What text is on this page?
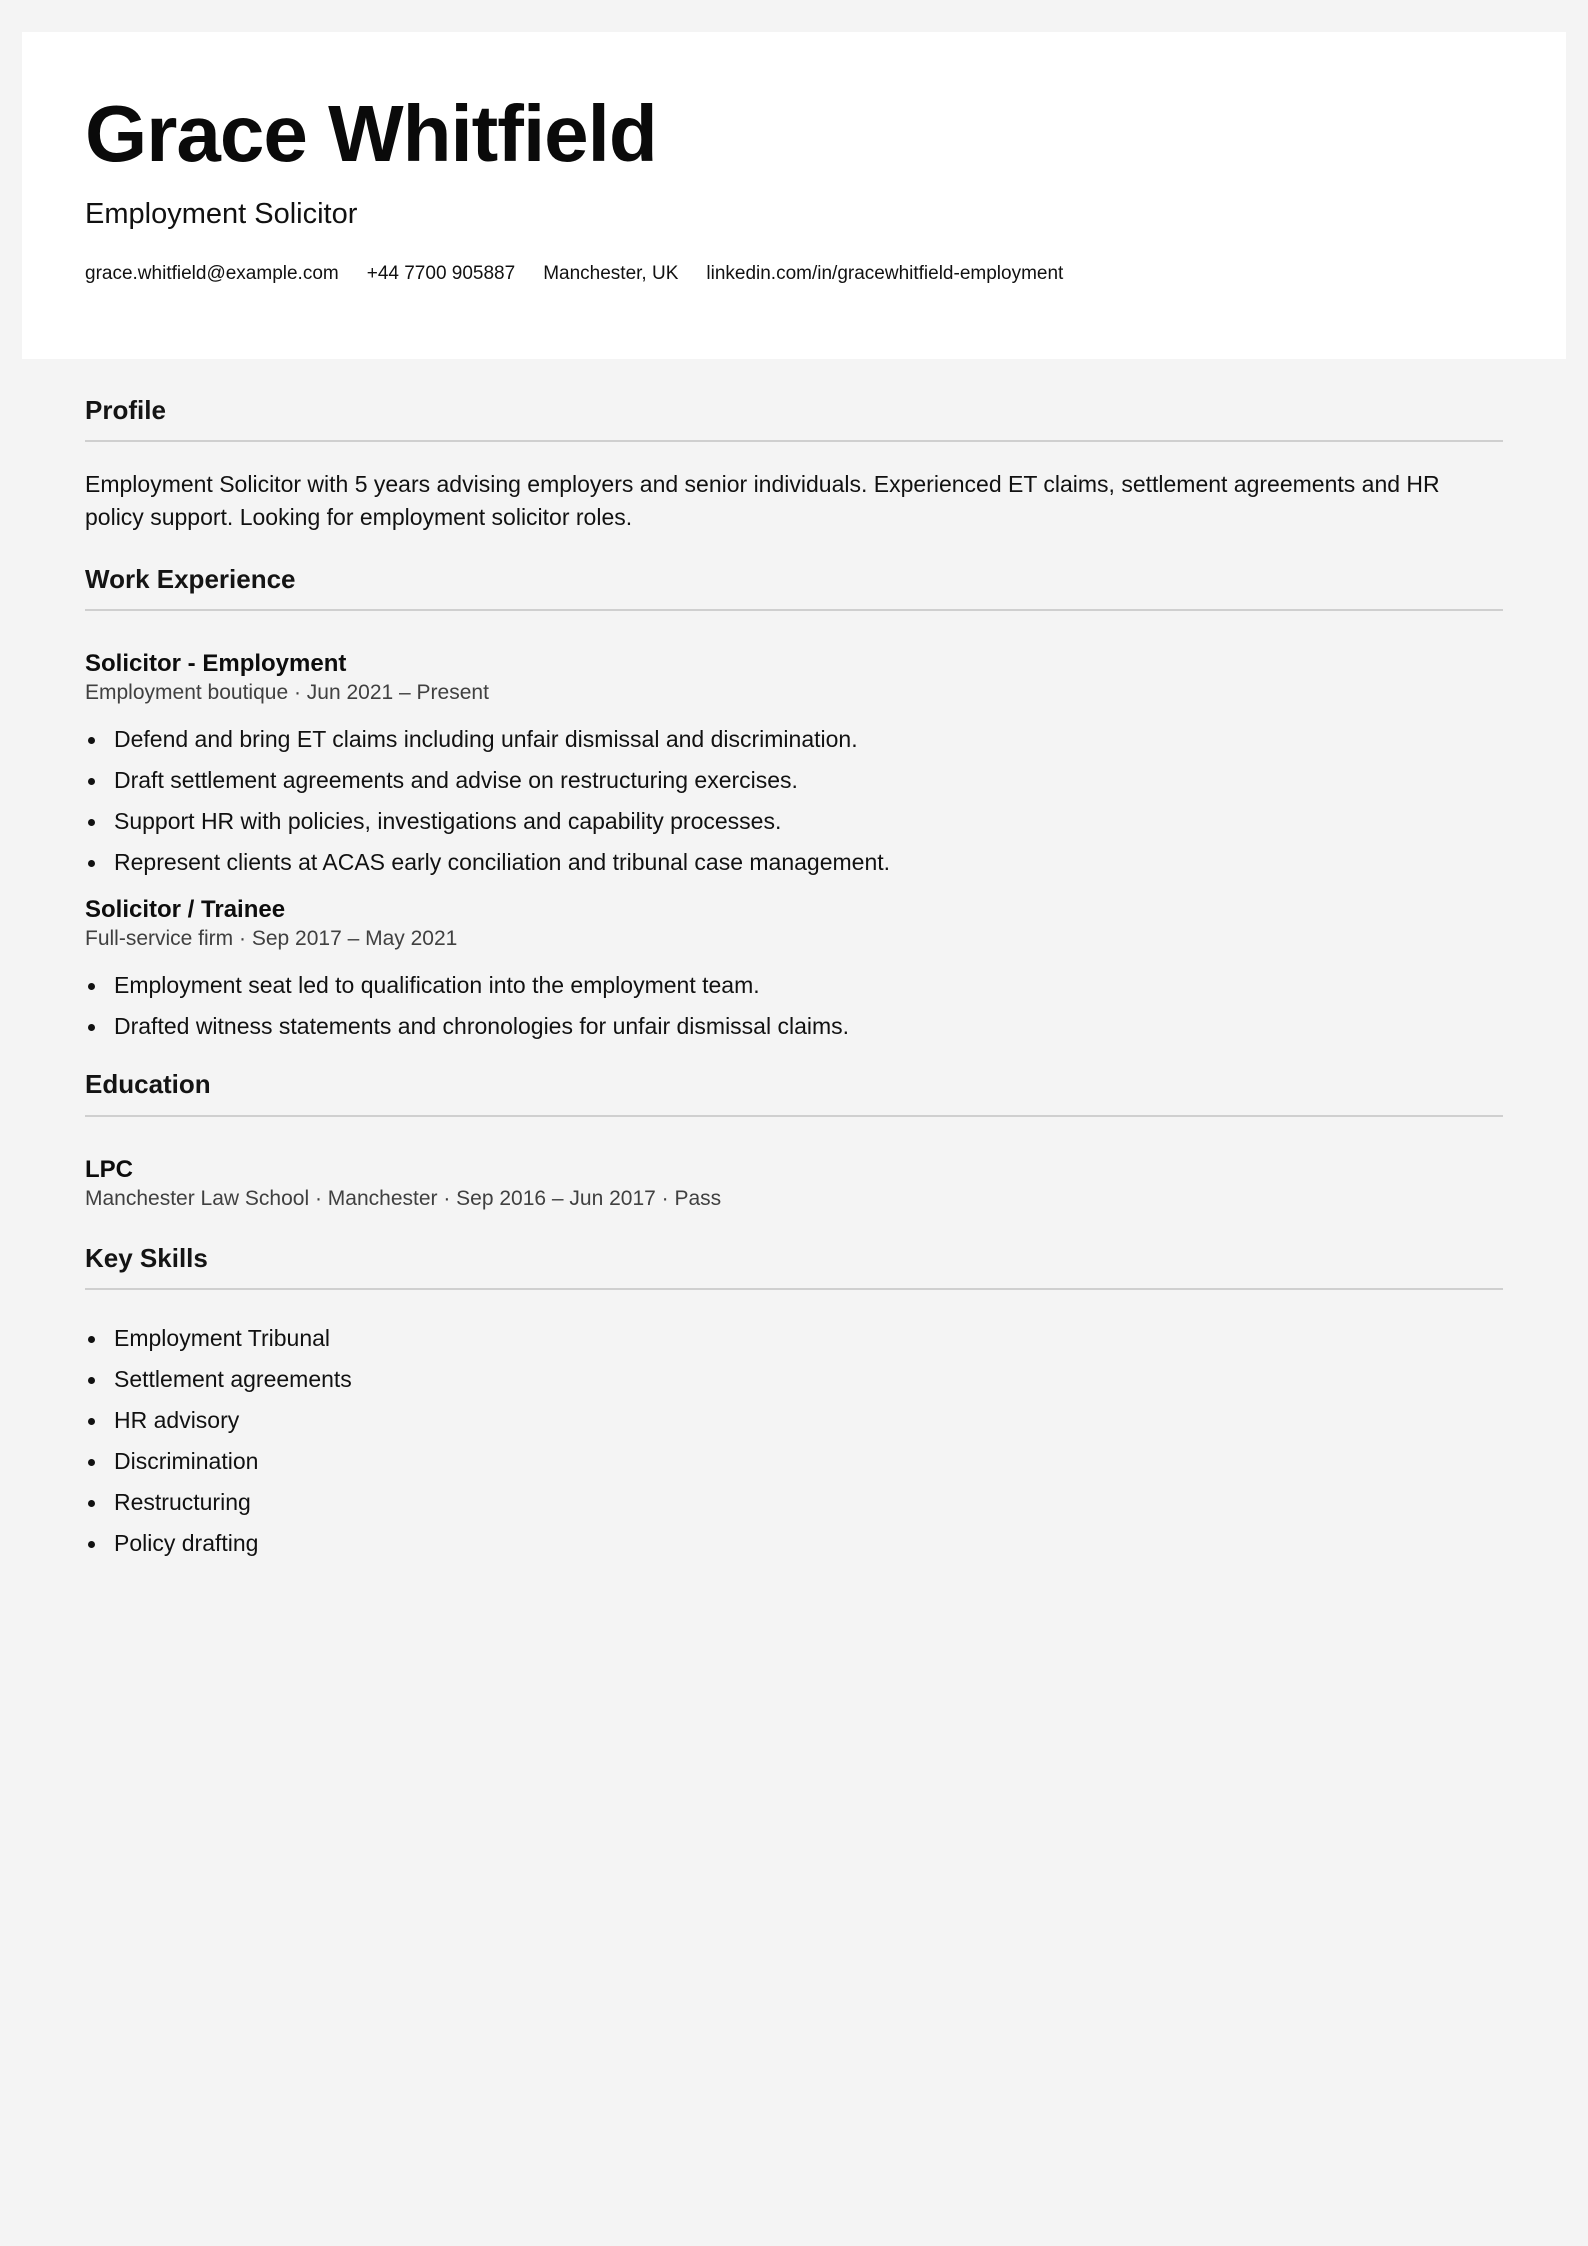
Grace Whitfield
Employment Solicitor
grace.whitfield@example.com +44 7700 905887 Manchester, UK linkedin.com/in/gracewhitfield-employment
Profile

Employment Solicitor with 5 years advising employers and senior individuals. Experienced ET claims, settlement agreements and HR policy support. Looking for employment solicitor roles.

Work Experience
Solicitor - Employment
Employment boutique · Jun 2021 – Present
Defend and bring ET claims including unfair dismissal and discrimination.
Draft settlement agreements and advise on restructuring exercises.
Support HR with policies, investigations and capability processes.
Represent clients at ACAS early conciliation and tribunal case management.
Solicitor / Trainee
Full-service firm · Sep 2017 – May 2021
Employment seat led to qualification into the employment team.
Drafted witness statements and chronologies for unfair dismissal claims.
Education
LPC
Manchester Law School · Manchester · Sep 2016 – Jun 2017 · Pass
Key Skills
Employment Tribunal
Settlement agreements
HR advisory
Discrimination
Restructuring
Policy drafting
